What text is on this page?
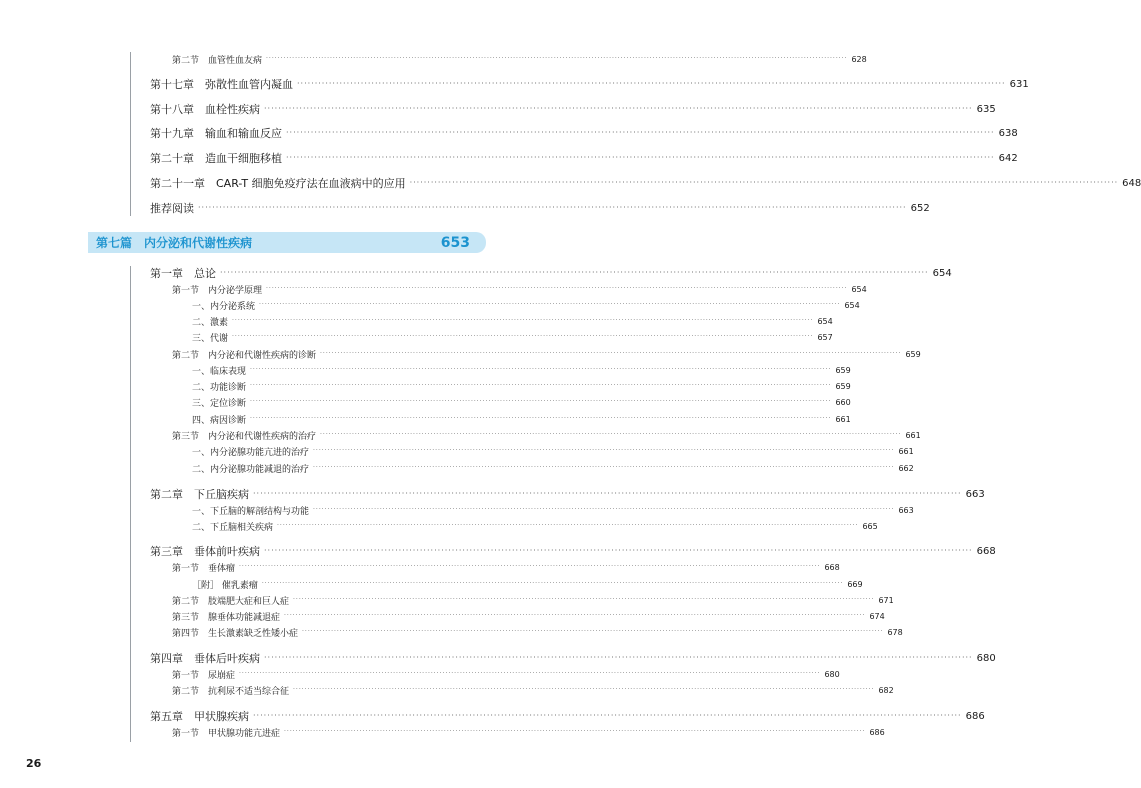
第二节　血管性血友病 ········································································································································································································ 628
第十七章　弥散性血管内凝血 ········································································································································································································ 631
第十八章　血栓性疾病 ········································································································································································································ 635
第十九章　输血和输血反应 ········································································································································································································ 638
第二十章　造血干细胞移植 ········································································································································································································ 642
第二十一章　CAR-T 细胞免疫疗法在血液病中的应用 ········································································································································································································ 648
推荐阅读 ········································································································································································································ 652
第七篇 内分泌和代谢性疾病	653
第一章　总论 ········································································································································································································ 654
第一节　内分泌学原理 ········································································································································································································ 654
一、内分泌系统 ········································································································································································································ 654
二、激素 ········································································································································································································ 654
三、代谢 ········································································································································································································ 657
第二节　内分泌和代谢性疾病的诊断 ········································································································································································································ 659
一、临床表现 ········································································································································································································ 659
二、功能诊断 ········································································································································································································ 659
三、定位诊断 ········································································································································································································ 660
四、病因诊断 ········································································································································································································ 661
第三节　内分泌和代谢性疾病的治疗 ········································································································································································································ 661
一、内分泌腺功能亢进的治疗 ········································································································································································································ 661
二、内分泌腺功能减退的治疗 ········································································································································································································ 662
第二章　下丘脑疾病 ········································································································································································································ 663
一、下丘脑的解剖结构与功能 ········································································································································································································ 663
二、下丘脑相关疾病 ········································································································································································································ 665
第三章　垂体前叶疾病 ········································································································································································································ 668
第一节　垂体瘤 ········································································································································································································ 668
［附］ 催乳素瘤 ········································································································································································································ 669
第二节　肢端肥大症和巨人症 ········································································································································································································ 671
第三节　腺垂体功能减退症 ········································································································································································································ 674
第四节　生长激素缺乏性矮小症 ········································································································································································································ 678
第四章　垂体后叶疾病 ········································································································································································································ 680
第一节　尿崩症 ········································································································································································································ 680
第二节　抗利尿不适当综合征 ········································································································································································································ 682
第五章　甲状腺疾病 ········································································································································································································ 686
第一节　甲状腺功能亢进症 ········································································································································································································ 686
26
